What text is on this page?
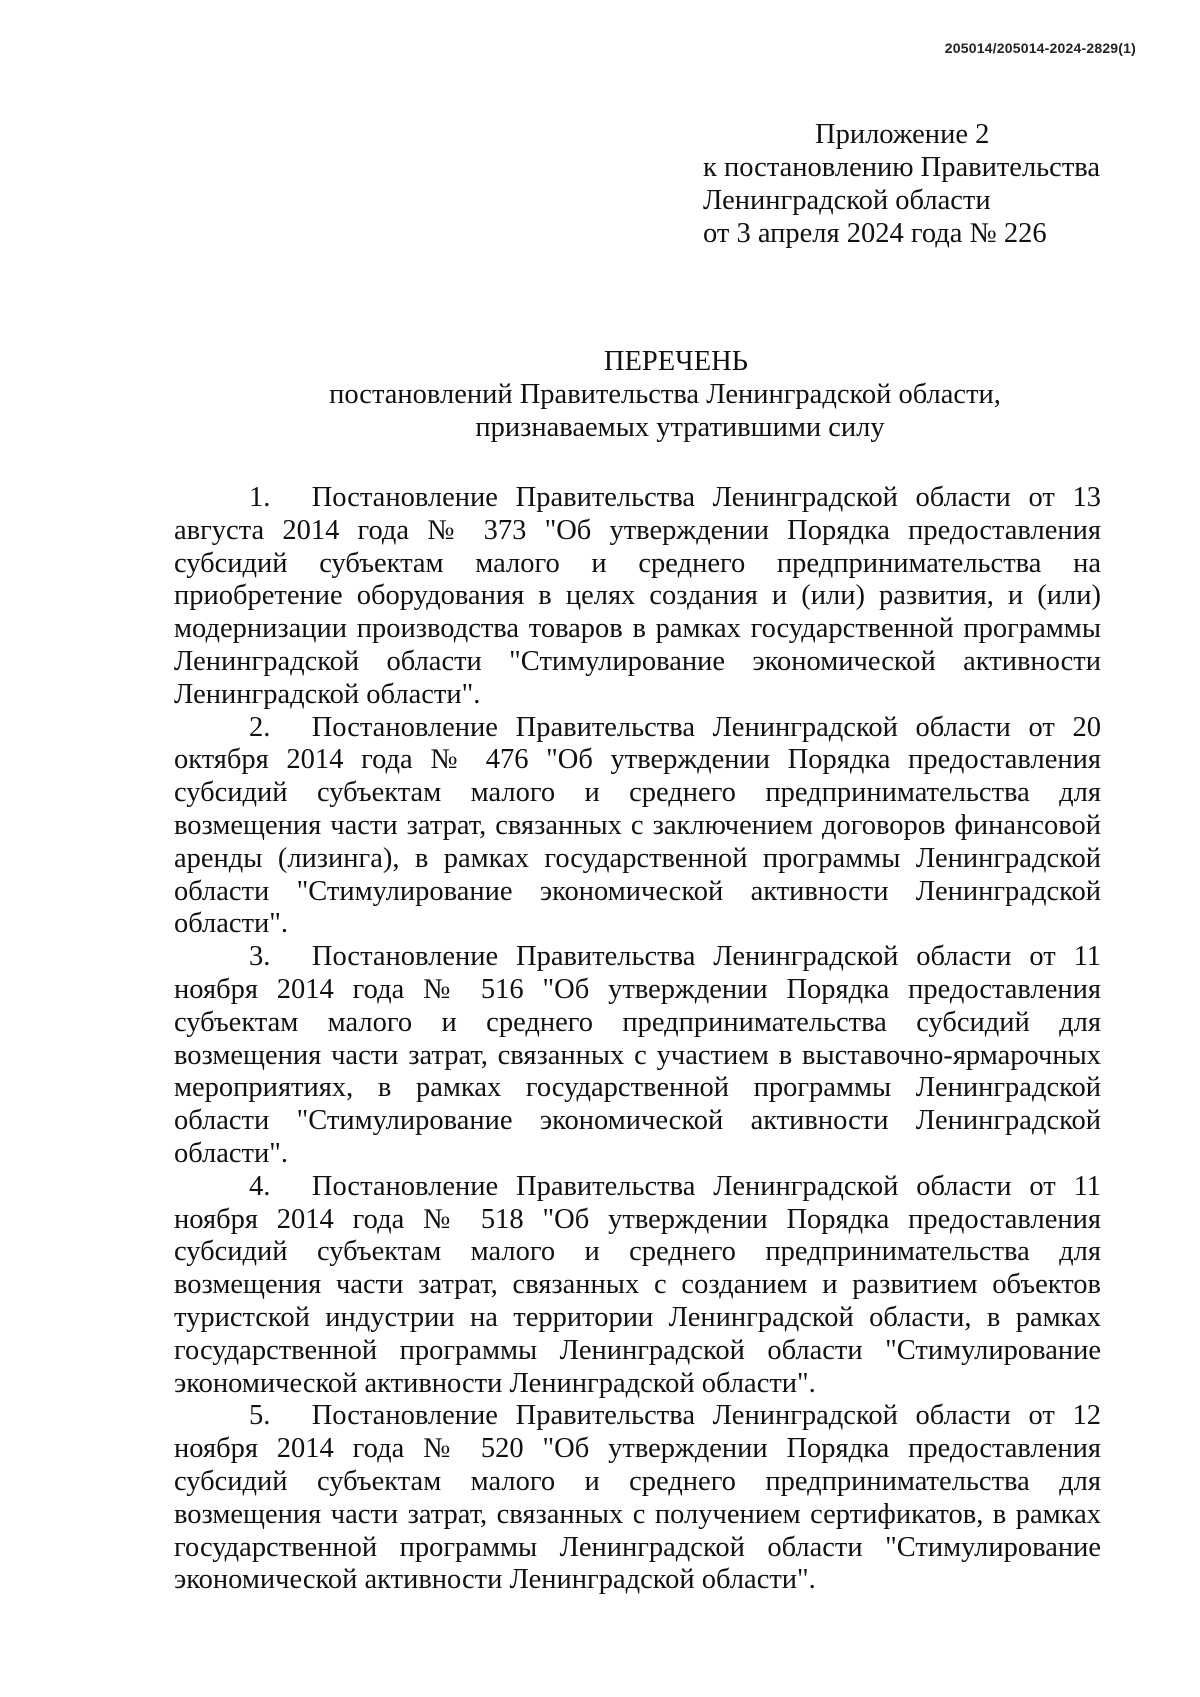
205014/205014-2024-2829(1)
Приложение 2
к постановлению Правительства
Ленинградской области
от 3 апреля 2024 года № 226
ПЕРЕЧЕНЬ
постановлений Правительства Ленинградской области,
признаваемых утратившими силу

1. Постановление Правительства Ленинградской области от 13 августа 2014 года № 373 "Об утверждении Порядка предоставления субсидий субъектам малого и среднего предпринимательства на приобретение оборудования в целях создания и (или) развития, и (или) модернизации производства товаров в рамках государственной программы Ленинградской области "Стимулирование экономической активности Ленинградской области".

2. Постановление Правительства Ленинградской области от 20 октября 2014 года № 476 "Об утверждении Порядка предоставления субсидий субъектам малого и среднего предпринимательства для возмещения части затрат, связанных с заключением договоров финансовой аренды (лизинга), в рамках государственной программы Ленинградской области "Стимулирование экономической активности Ленинградской области".

3. Постановление Правительства Ленинградской области от 11 ноября 2014 года № 516 "Об утверждении Порядка предоставления субъектам малого и среднего предпринимательства субсидий для возмещения части затрат, связанных с участием в выставочно-ярмарочных мероприятиях, в рамках государственной программы Ленинградской области "Стимулирование экономической активности Ленинградской области".

4. Постановление Правительства Ленинградской области от 11 ноября 2014 года № 518 "Об утверждении Порядка предоставления субсидий субъектам малого и среднего предпринимательства для возмещения части затрат, связанных с созданием и развитием объектов туристской индустрии на территории Ленинградской области, в рамках государственной программы Ленинградской области "Стимулирование экономической активности Ленинградской области".

5. Постановление Правительства Ленинградской области от 12 ноября 2014 года № 520 "Об утверждении Порядка предоставления субсидий субъектам малого и среднего предпринимательства для возмещения части затрат, связанных с получением сертификатов, в рамках государственной программы Ленинградской области "Стимулирование экономической активности Ленинградской области".
